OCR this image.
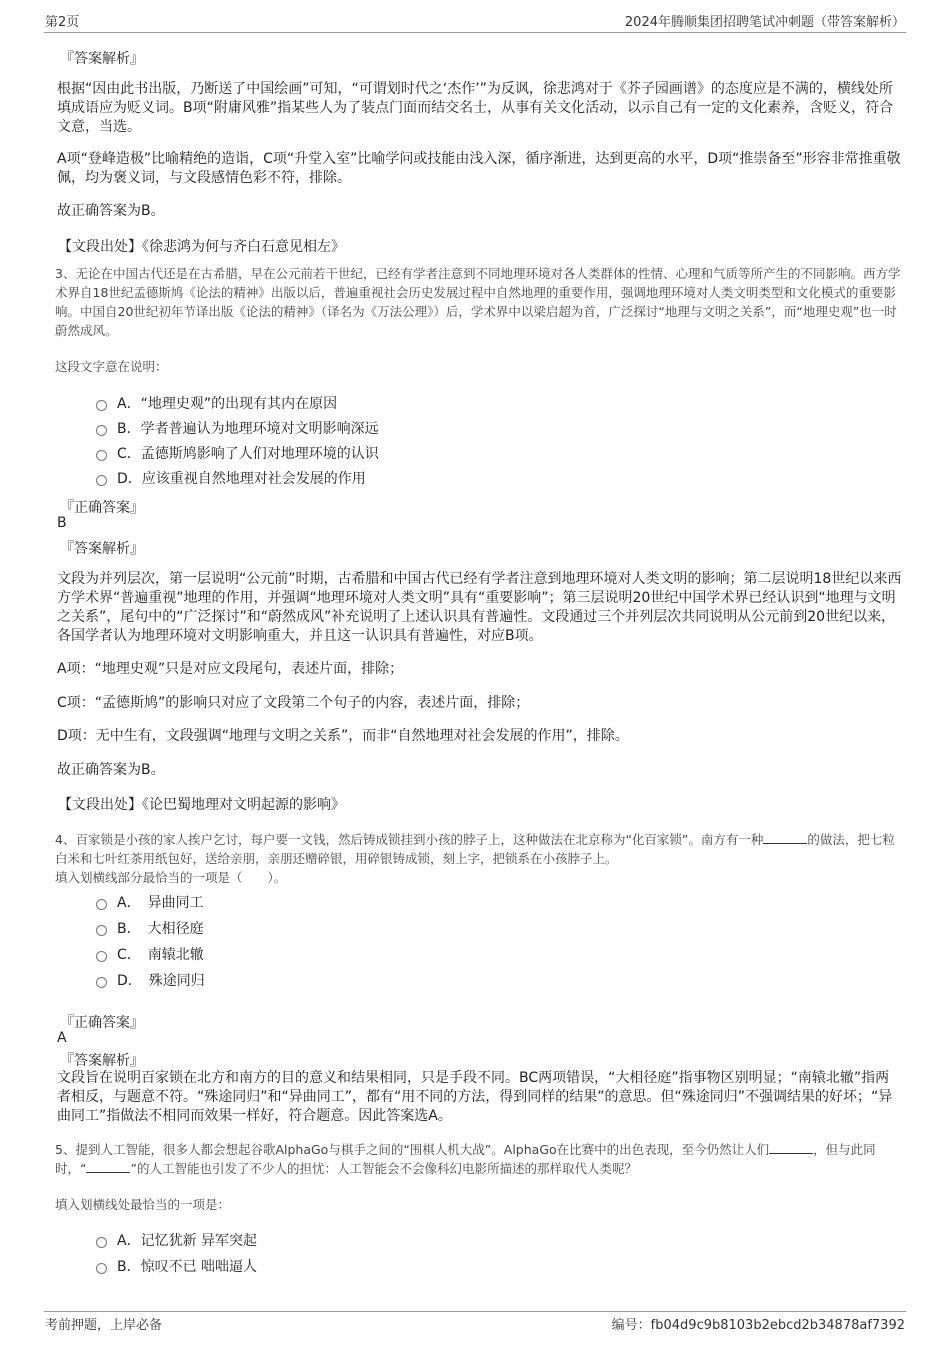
第2页	2024年腾顺集团招聘笔试冲刺题（带答案解析）
『答案解析』
根据“因由此书出版，乃断送了中国绘画”可知，“可谓划时代之‘杰作’”为反讽，徐悲鸿对于《芥子园画谱》的态度应是不满的，横线处所填成语应为贬义词。B项“附庸风雅”指某些人为了装点门面而结交名士，从事有关文化活动，以示自己有一定的文化素养，含贬义，符合文意，当选。
A项“登峰造极”比喻精绝的造诣，C项“升堂入室”比喻学问或技能由浅入深，循序渐进，达到更高的水平，D项“推崇备至”形容非常推重敬佩，均为褒义词，与文段感情色彩不符，排除。
故正确答案为B。
【文段出处】《徐悲鸿为何与齐白石意见相左》
3、无论在中国古代还是在古希腊，早在公元前若干世纪，已经有学者注意到不同地理环境对各人类群体的性情、心理和气质等所产生的不同影响。西方学术界自18世纪孟德斯鸠《论法的精神》出版以后，普遍重视社会历史发展过程中自然地理的重要作用，强调地理环境对人类文明类型和文化模式的重要影响。中国自20世纪初年节译出版《论法的精神》（译名为《万法公理》）后，学术界中以梁启超为首，广泛探讨“地理与文明之关系”，而“地理史观”也一时蔚然成风。
这段文字意在说明：
A．“地理史观”的出现有其内在原因
B．学者普遍认为地理环境对文明影响深远
C．孟德斯鸠影响了人们对地理环境的认识
D．应该重视自然地理对社会发展的作用
『正确答案』
B
『答案解析』
文段为并列层次，第一层说明“公元前”时期，古希腊和中国古代已经有学者注意到地理环境对人类文明的影响；第二层说明18世纪以来西方学术界“普遍重视”地理的作用，并强调“地理环境对人类文明”具有“重要影响”；第三层说明20世纪中国学术界已经认识到“地理与文明之关系”，尾句中的“广泛探讨”和“蔚然成风”补充说明了上述认识具有普遍性。文段通过三个并列层次共同说明从公元前到20世纪以来，各国学者认为地理环境对文明影响重大，并且这一认识具有普遍性，对应B项。
A项：“地理史观”只是对应文段尾句，表述片面，排除；
C项：“孟德斯鸠”的影响只对应了文段第二个句子的内容，表述片面，排除；
D项：无中生有，文段强调“地理与文明之关系”，而非“自然地理对社会发展的作用”，排除。
故正确答案为B。
【文段出处】《论巴蜀地理对文明起源的影响》
4、百家锁是小孩的家人挨户乞讨，每户要一文钱，然后铸成锁挂到小孩的脖子上，这种做法在北京称为“化百家锁”。南方有一种	的做法，把七粒白米和七叶红茶用纸包好，送给亲朋，亲朋还赠碎银，用碎银铸成锁，刻上字，把锁系在小孩脖子上。
填入划横线部分最恰当的一项是（　　）。
A．　异曲同工
B．　大相径庭
C．　南辕北辙
D．　殊途同归
『正确答案』
A
『答案解析』
文段旨在说明百家锁在北方和南方的目的意义和结果相同，只是手段不同。BC两项错误，“大相径庭”指事物区别明显；“南辕北辙”指两者相反，与题意不符。“殊途同归”和“异曲同工”，都有“用不同的方法，得到同样的结果”的意思。但“殊途同归”不强调结果的好坏；“异曲同工”指做法不相同而效果一样好，符合题意。因此答案选A。
5、提到人工智能，很多人都会想起谷歌AlphaGo与棋手之间的“围棋人机大战”。AlphaGo在比赛中的出色表现，至今仍然让人们	，但与此同时，“	”的人工智能也引发了不少人的担忧：人工智能会不会像科幻电影所描述的那样取代人类呢？
填入划横线处最恰当的一项是：
A．记忆犹新 异军突起
B．惊叹不已 咄咄逼人
考前押题，上岸必备	编号：fb04d9c9b8103b2ebcd2b34878af7392
